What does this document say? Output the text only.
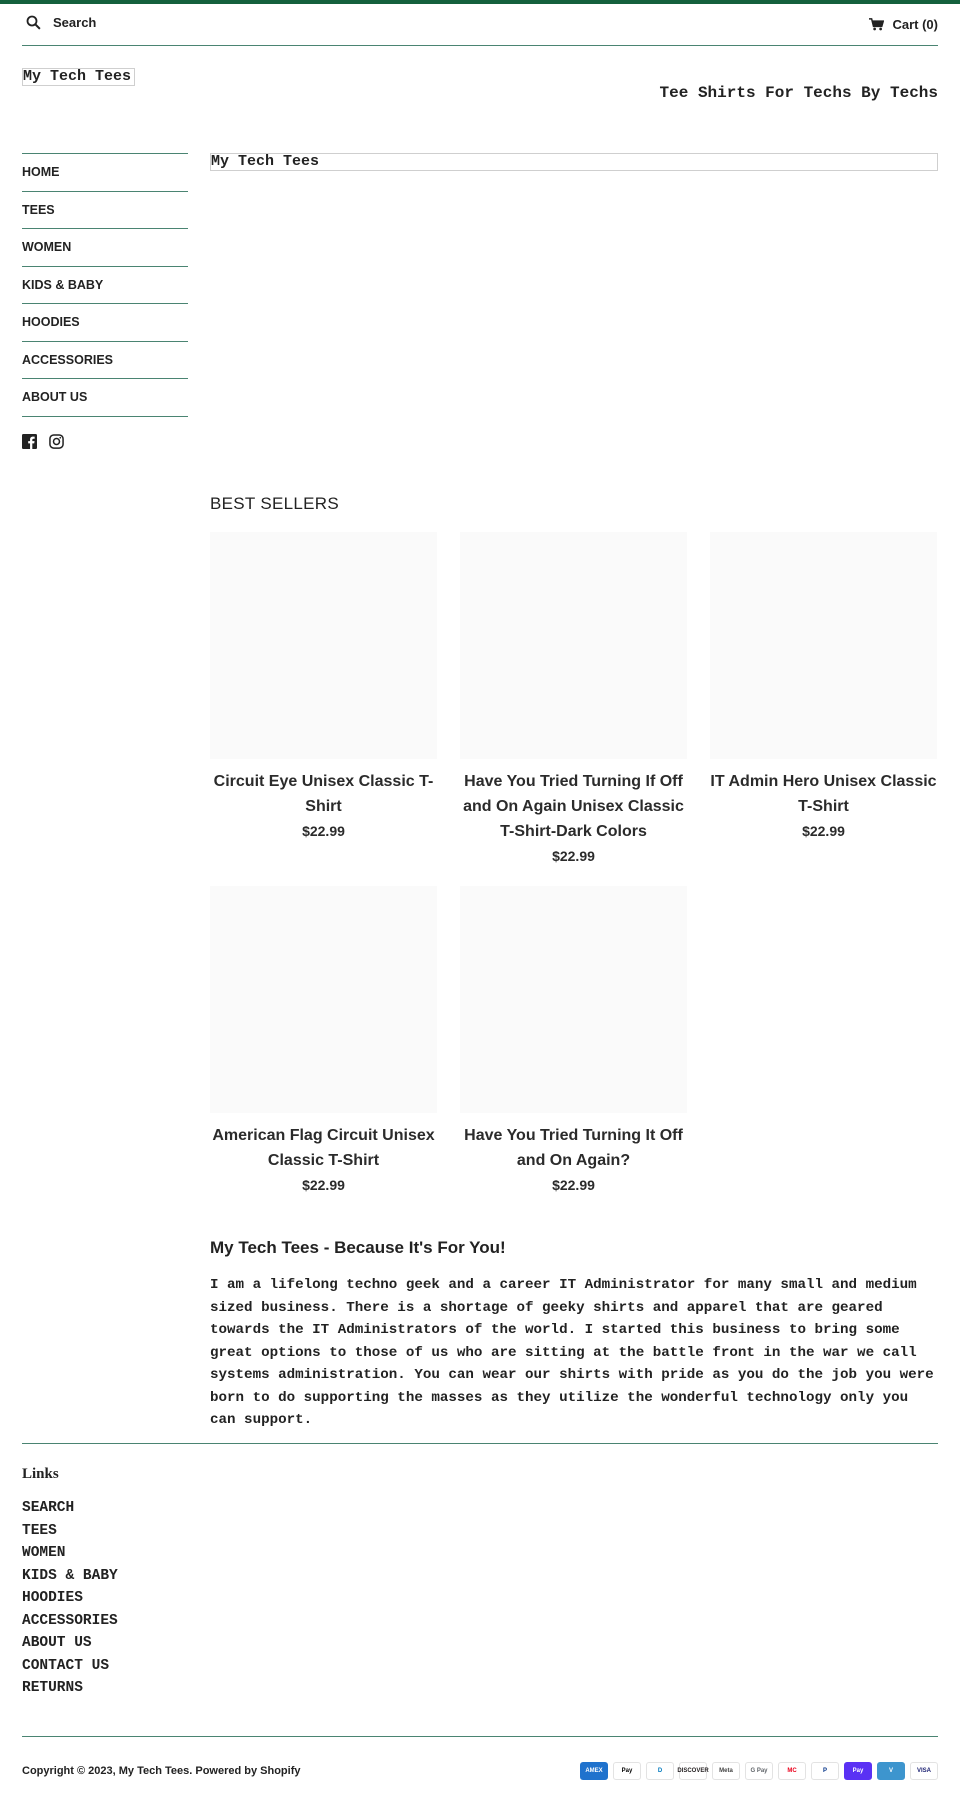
Search	Cart (0)
My Tech Tees
Tee Shirts For Techs By Techs
HOME
TEES
WOMEN
KIDS & BABY
HOODIES
ACCESSORIES
ABOUT US
My Tech Tees
BEST SELLERS
Circuit Eye Unisex Classic T-Shirt
$22.99
Have You Tried Turning If Off and On Again Unisex Classic T-Shirt-Dark Colors
$22.99
IT Admin Hero Unisex Classic T-Shirt
$22.99
American Flag Circuit Unisex Classic T-Shirt
$22.99
Have You Tried Turning It Off and On Again?
$22.99
My Tech Tees - Because It's For You!

I am a lifelong techno geek and a career IT Administrator for many small and medium sized business. There is a shortage of geeky shirts and apparel that are geared towards the IT Administrators of the world. I started this business to bring some great options to those of us who are sitting at the battle front in the war we call systems administration. You can wear our shirts with pride as you do the job you were born to do supporting the masses as they utilize the wonderful technology only you can support.

Links
SEARCH
TEES
WOMEN
KIDS & BABY
HOODIES
ACCESSORIES
ABOUT US
CONTACT US
RETURNS
Copyright © 2023, My Tech Tees. Powered by Shopify	AMEX	Pay	D	DISCOVER	Meta	G Pay	MC	P	Pay	V	VISA
